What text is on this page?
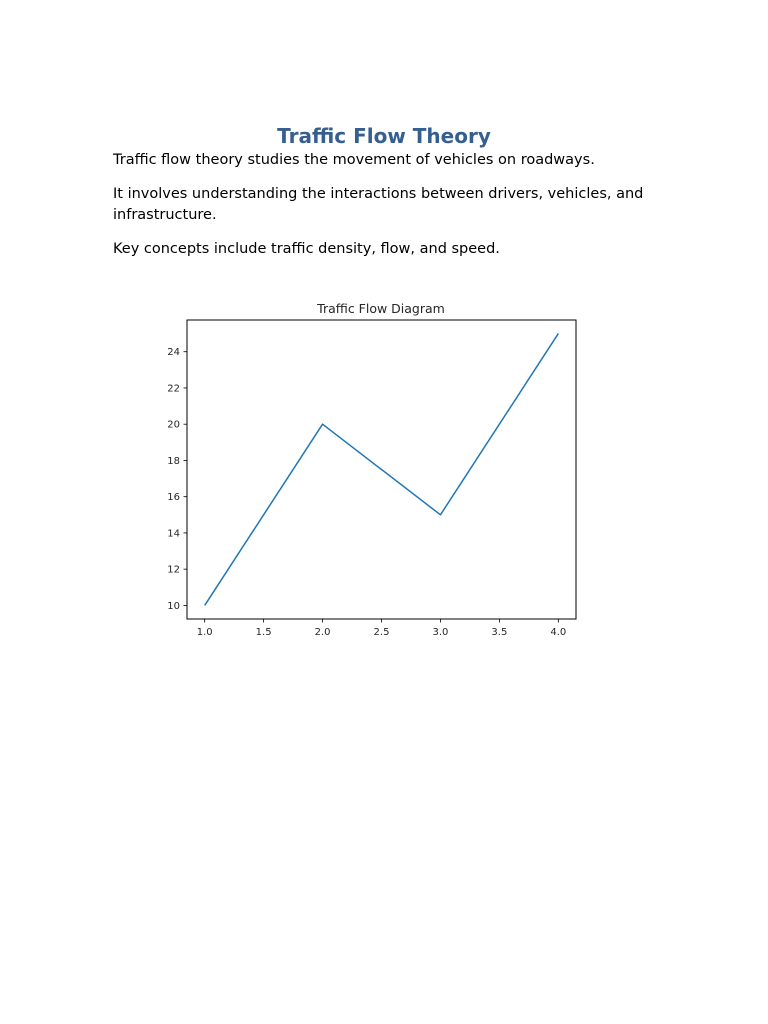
Traffic Flow Theory

Traffic flow theory studies the movement of vehicles on roadways.

It involves understanding the interactions between drivers, vehicles, and infrastructure.

Key concepts include traffic density, flow, and speed.

Traffic Flow Diagram
1.0	1.5	2.0	2.5	3.0	3.5	4.0
10
12
14
16
18
20
22
24
